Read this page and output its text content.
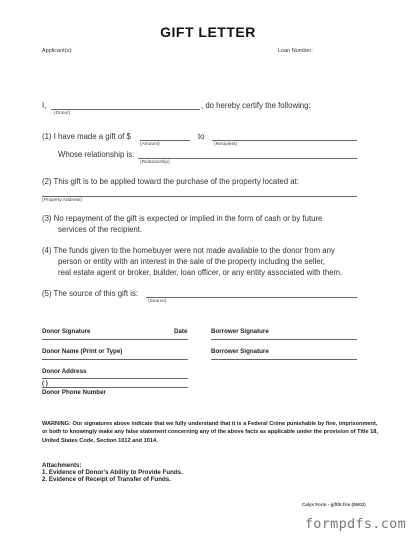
GIFT LETTER
Applicant(s):	Loan Number:
I,	, do hereby certify the following:
(Donor)
(1) I have made a gift of $
(Amount)
to
(Recipient)
Whose relationship is:
(Relationship)
(2) This gift is to be applied toward the purchase of the property located at:
(Property Address)
(3) No repayment of the gift is expected or implied in the form of cash or by future
services of the recipient.
(4) The funds given to the homebuyer were not made available to the donor from any
person or entity with an interest in the sale of the property including the seller,
real estate agent or broker, builder, loan officer, or any entity associated with them.
(5) The source of this gift is:
(Source)
Donor Signature	Date	Borrower Signature
Donor Name (Print or Type)	Borrower Signature
Donor Address
( )
Donor Phone Number
WARNING: Our signatures above indicate that we fully understand that it is a Federal Crime punishable by fine, imprisonment, or both to knowingly make any false statement concerning any of the above facts as applicable under the provision of Title 18, United States Code, Section 1012 and 1014.
Attachments:
1. Evidence of Donor's Ability to Provide Funds.
2. Evidence of Receipt of Transfer of Funds.
Calyx Form - giftltr.frm (05/02)
formpdfs.com
